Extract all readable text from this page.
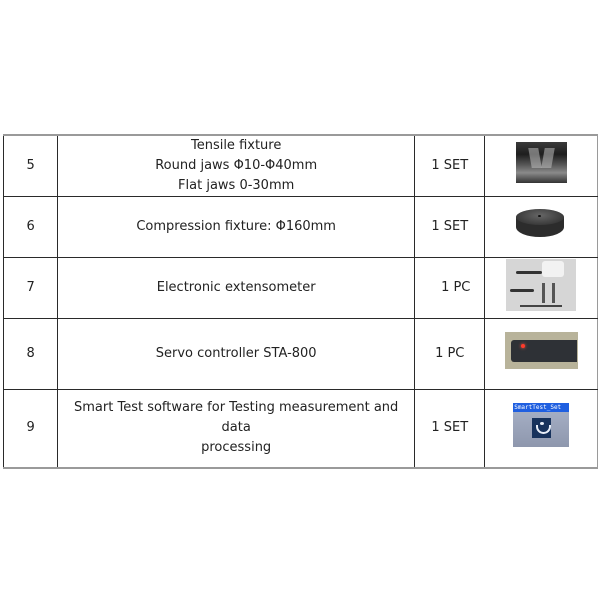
5	Tensile fixture
Round jaws Φ10-Φ40mm
Flat jaws 0-30mm	1 SET	

6	Compression fixture: Φ160mm	1 SET	

7	Electronic extensometer	1 PC	

8	Servo controller STA-800	1 PC	

9	Smart Test software for Testing measurement and data
processing	1 SET	SmartTest_Set
